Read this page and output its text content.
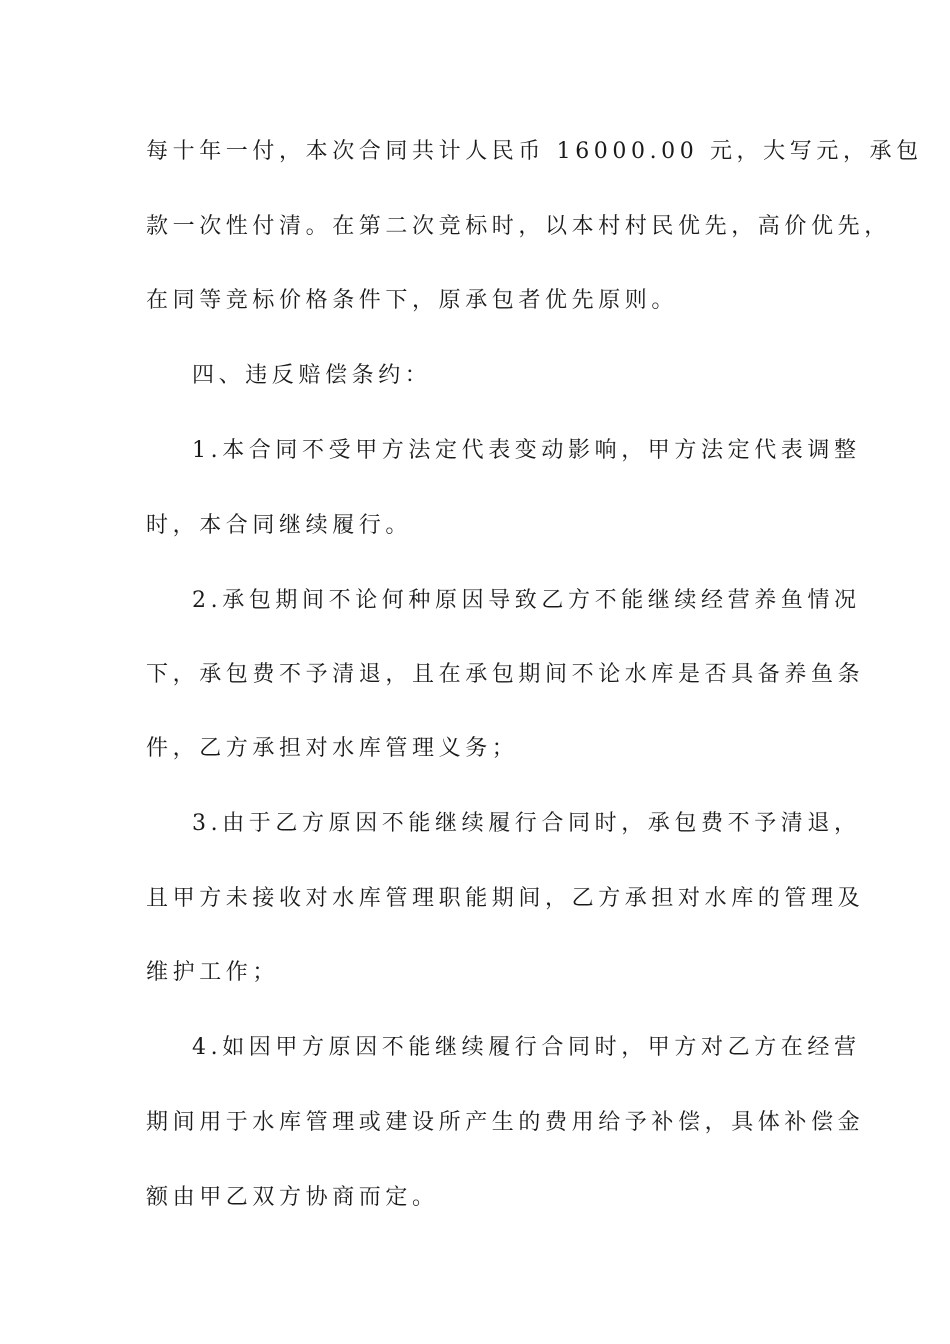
每十年一付，本次合同共计人民币 16000.00 元，大写元，承包
款一次性付清。在第二次竞标时，以本村村民优先，高价优先，
在同等竞标价格条件下，原承包者优先原则。
四、违反赔偿条约：
1.本合同不受甲方法定代表变动影响，甲方法定代表调整
时，本合同继续履行。
2.承包期间不论何种原因导致乙方不能继续经营养鱼情况
下，承包费不予清退，且在承包期间不论水库是否具备养鱼条
件，乙方承担对水库管理义务；
3.由于乙方原因不能继续履行合同时，承包费不予清退，
且甲方未接收对水库管理职能期间，乙方承担对水库的管理及
维护工作；
4.如因甲方原因不能继续履行合同时，甲方对乙方在经营
期间用于水库管理或建设所产生的费用给予补偿，具体补偿金
额由甲乙双方协商而定。
